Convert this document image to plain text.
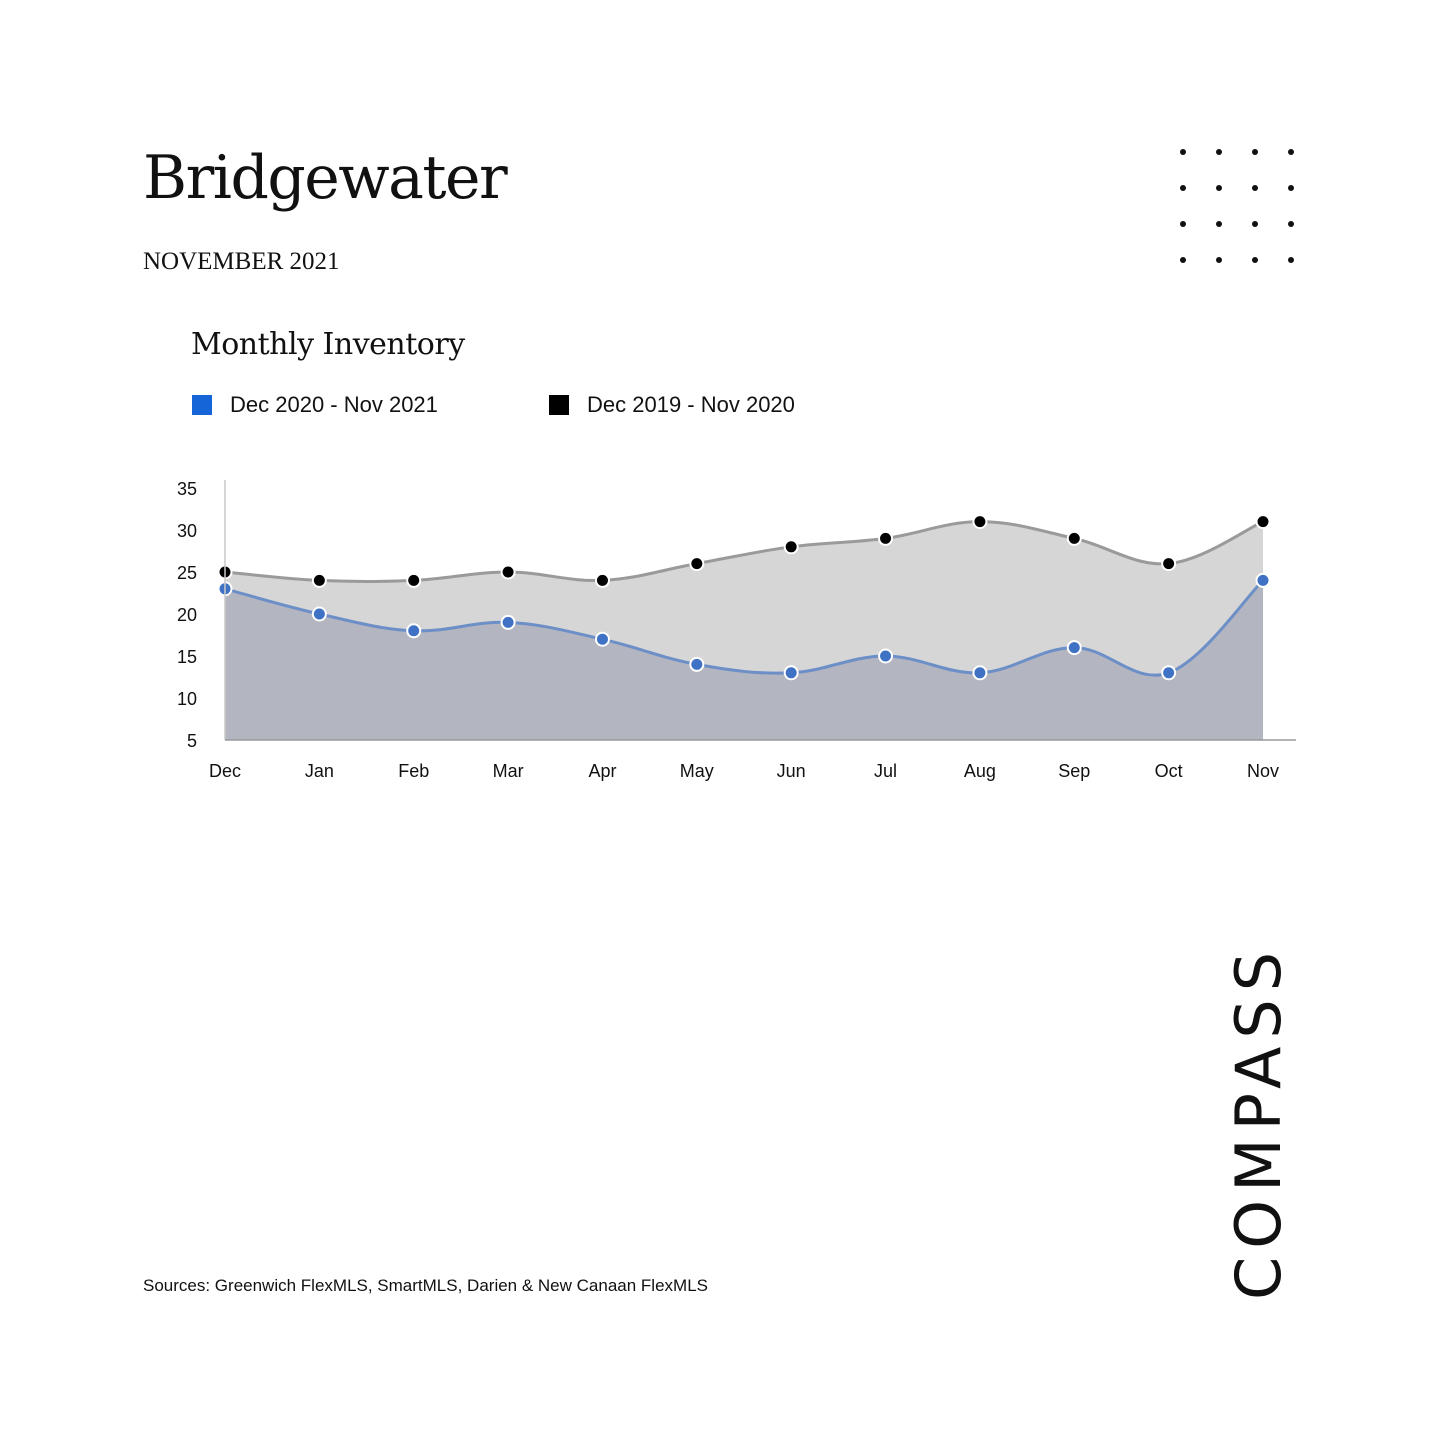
Bridgewater
NOVEMBER 2021
Monthly Inventory
Dec 2020 - Nov 2021	Dec 2019 - Nov 2020
5
10
15
20
25
30
35
Dec	Jan	Feb	Mar	Apr	May	Jun	Jul	Aug	Sep	Oct	Nov
Sources: Greenwich FlexMLS, SmartMLS, Darien & New Canaan FlexMLS	COMPASS
